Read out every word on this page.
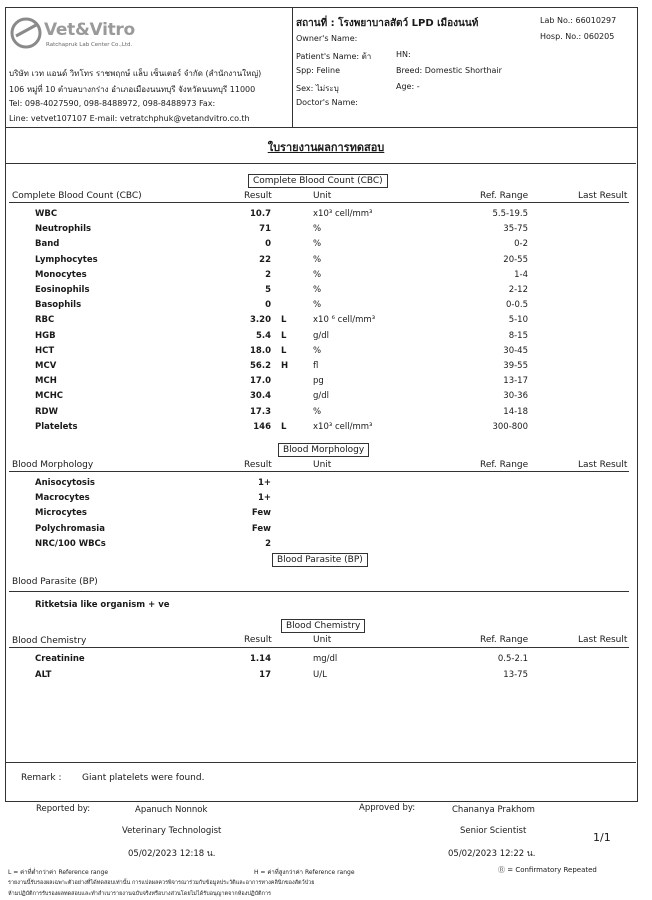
Vet&Vitro
Ratchapruk Lab Center Co.,Ltd.
บริษัท เวท แอนด์ วิทโทร ราชพฤกษ์ แล็บ เซ็นเตอร์ จำกัด (สำนักงานใหญ่)
106 หมู่ที่ 10 ตำบลบางกร่าง อำเภอเมืองนนทบุรี จังหวัดนนทบุรี 11000
Tel: 098-4027590, 098-8488972, 098-8488973 Fax:
Line: vetvet107107 E-mail: vetratchphuk@vetandvitro.co.th
สถานที่ : โรงพยาบาลสัตว์ LPD เมืองนนท์
Owner's Name:
Patient's Name: ต้า	HN:
Spp: Feline	Breed: Domestic Shorthair
Sex: ไม่ระบุ	Age: -
Doctor's Name:
Lab No.: 66010297
Hosp. No.: 060205
ใบรายงานผลการทดสอบ
Complete Blood Count (CBC)
Complete Blood Count (CBC)	Result	Unit	Ref. Range	Last Result
WBC	10.7	x10³ cell/mm³	5.5-19.5
Neutrophils	71	%	35-75
Band	0	%	0-2
Lymphocytes	22	%	20-55
Monocytes	2	%	1-4
Eosinophils	5	%	2-12
Basophils	0	%	0-0.5
RBC	3.20 L	x10 ⁶ cell/mm³	5-10
HGB	5.4 L	g/dl	8-15
HCT	18.0 L	%	30-45
MCV	56.2 H	fl	39-55
MCH	17.0	pg	13-17
MCHC	30.4	g/dl	30-36
RDW	17.3	%	14-18
Platelets	146 L	x10³ cell/mm³	300-800
Blood Morphology
Blood Morphology	Result	Unit	Ref. Range	Last Result
Anisocytosis	1+
Macrocytes	1+
Microcytes	Few
Polychromasia	Few
NRC/100 WBCs	2
Blood Parasite (BP)
Blood Parasite (BP)
Ritketsia like organism + ve
Blood Chemistry
Blood Chemistry	Result	Unit	Ref. Range	Last Result
Creatinine	1.14	mg/dl	0.5-2.1
ALT	17	U/L	13-75
Remark : Giant platelets were found.
Reported by:	Apanuch Nonnok
Veterinary Technologist
05/02/2023 12:18 น.
Approved by:	Chananya Prakhom
Senior Scientist
05/02/2023 12:22 น.
1/1
L = ค่าที่ต่ำกว่าค่า Reference range	H = ค่าที่สูงกว่าค่า Reference range	Ⓡ = Confirmatory Repeated
รายงานนี้รับรองผลเฉพาะตัวอย่างที่ได้ทดสอบเท่านั้น การแปลผลควรพิจารณาร่วมกับข้อมูลประวัติและอาการทางคลินิกของสัตว์ป่วย
ห้ามปฏิบัติการรับรองผลทดสอบและทำสำเนารายงานฉบับจริงหรือบางส่วนโดยไม่ได้รับอนุญาตจากห้องปฏิบัติการ
